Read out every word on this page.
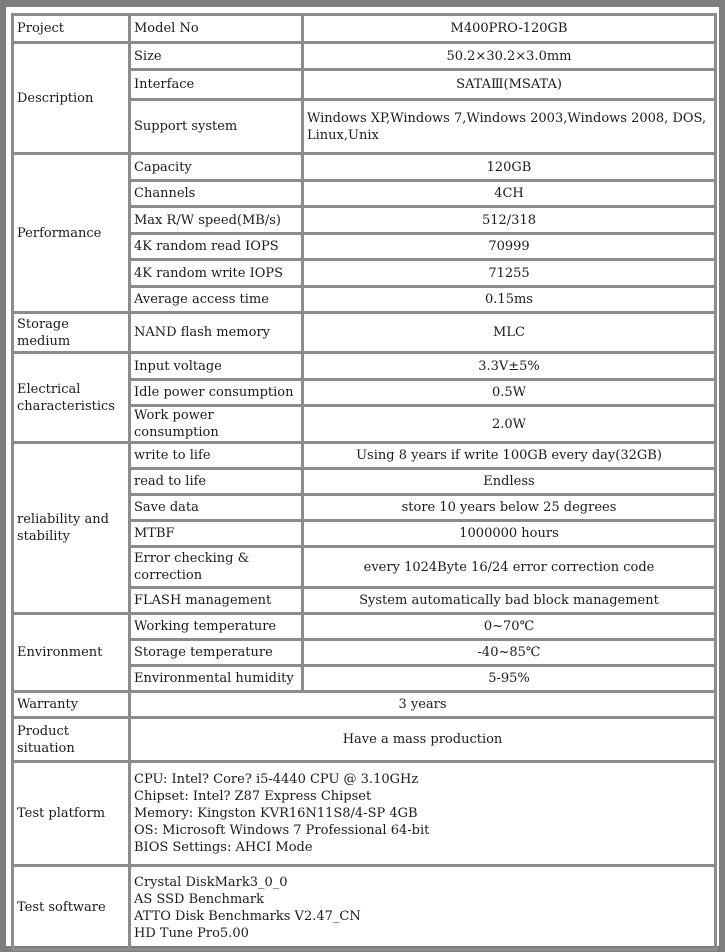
Project	Model No	M400PRO-120GB
Description	Size	50.2×30.2×3.0mm
	Interface	SATAⅢ(MSATA)
	Support system	Windows XP,Windows 7,Windows 2003,Windows 2008, DOS, Linux,Unix
Performance	Capacity	120GB
	Channels	4CH
	Max R/W speed(MB/s)	512/318
	4K random read IOPS	70999
	4K random write IOPS	71255
	Average access time	0.15ms
Storage medium	NAND flash memory	MLC
Electrical characteristics	Input voltage	3.3V±5%
	Idle power consumption	0.5W
	Work power consumption	2.0W
reliability and stability	write to life	Using 8 years if write 100GB every day(32GB)
	read to life	Endless
	Save data	store 10 years below 25 degrees
	MTBF	1000000 hours
	Error checking & correction	every 1024Byte 16/24 error correction code
	FLASH management	System automatically bad block management
Environment	Working temperature	0~70℃
	Storage temperature	-40~85℃
	Environmental humidity	5-95%
Warranty	3 years	
Product situation	Have a mass production	
Test platform	CPU: Intel? Core? i5-4440 CPU @ 3.10GHz
Chipset: Intel? Z87 Express Chipset
Memory: Kingston KVR16N11S8/4-SP 4GB
OS: Microsoft Windows 7 Professional 64-bit
BIOS Settings: AHCI Mode	

Test software	Crystal DiskMark3_0_0
AS SSD Benchmark
ATTO Disk Benchmarks V2.47_CN
HD Tune Pro5.00	
